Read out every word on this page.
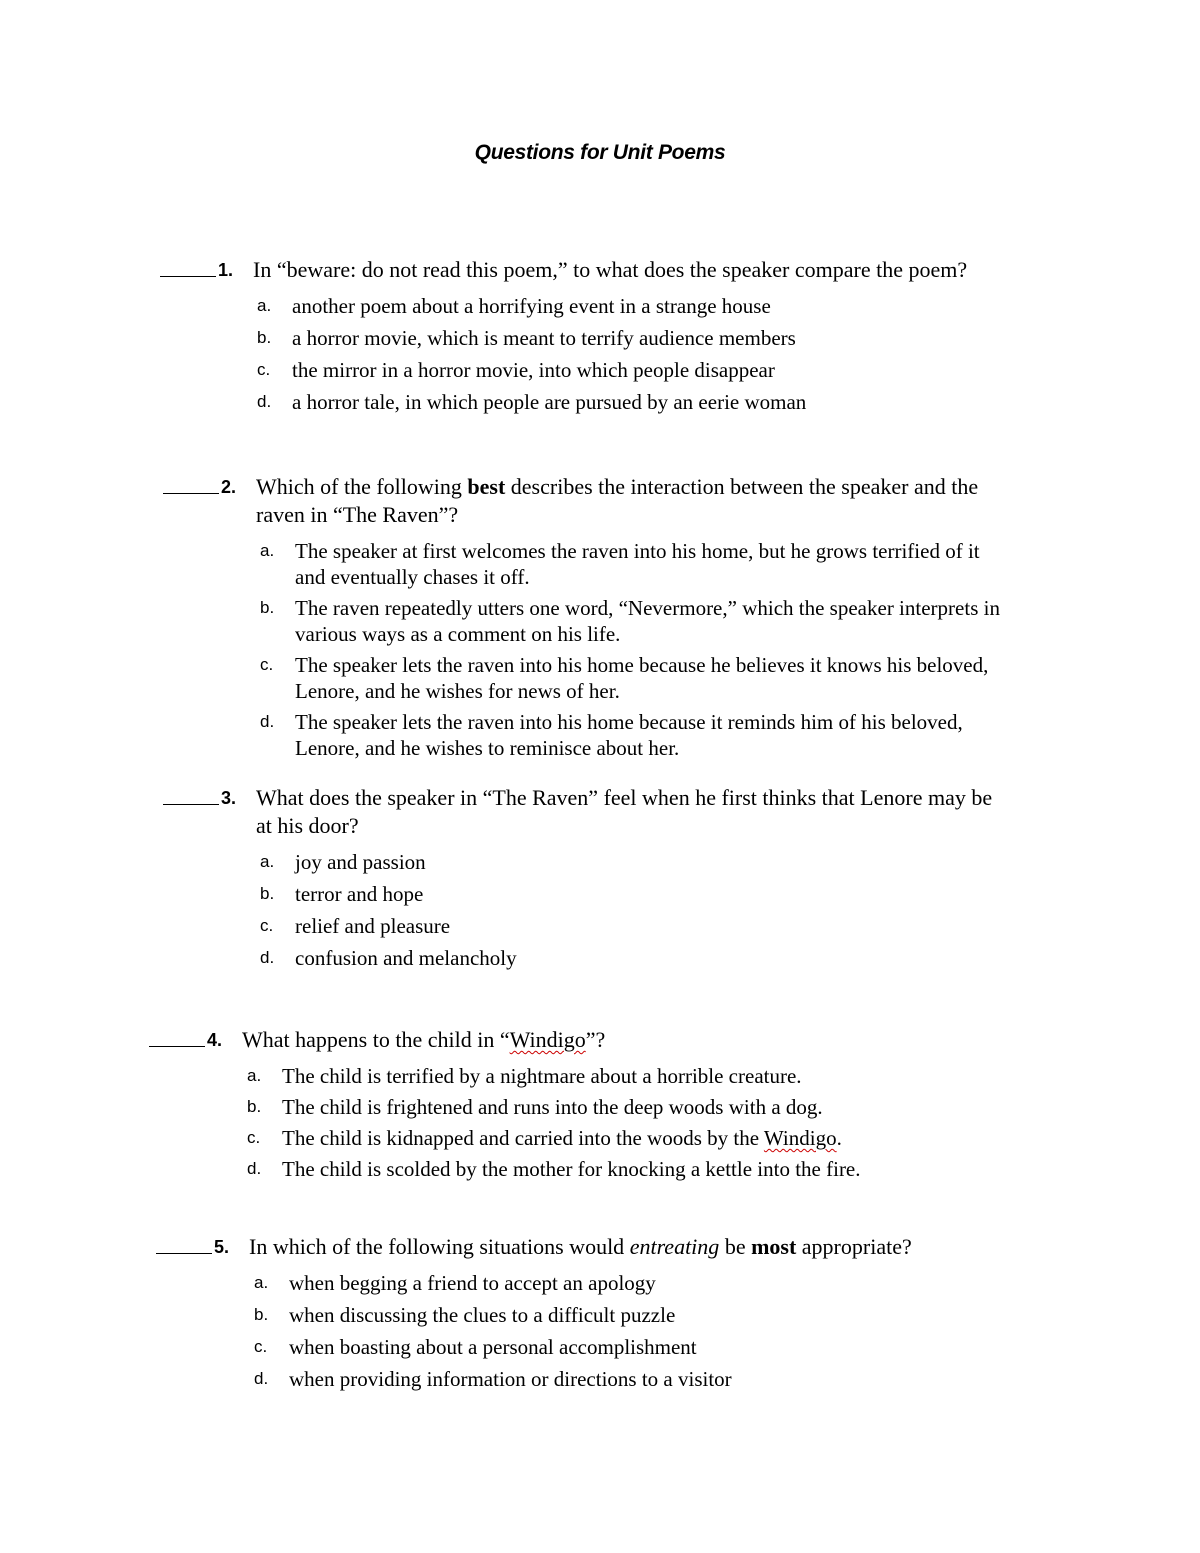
Questions for Unit Poems
1. In “beware: do not read this poem,” to what does the speaker compare the poem?
a. another poem about a horrifying event in a strange house
b. a horror movie, which is meant to terrify audience members
c. the mirror in a horror movie, into which people disappear
d. a horror tale, in which people are pursued by an eerie woman
2. Which of the following best describes the interaction between the speaker and the raven in “The Raven”?
a. The speaker at first welcomes the raven into his home, but he grows terrified of it and eventually chases it off.
b. The raven repeatedly utters one word, “Nevermore,” which the speaker interprets in various ways as a comment on his life.
c. The speaker lets the raven into his home because he believes it knows his beloved, Lenore, and he wishes for news of her.
d. The speaker lets the raven into his home because it reminds him of his beloved, Lenore, and he wishes to reminisce about her.
3. What does the speaker in “The Raven” feel when he first thinks that Lenore may be at his door?
a. joy and passion
b. terror and hope
c. relief and pleasure
d. confusion and melancholy
4. What happens to the child in “Windigo”?
a. The child is terrified by a nightmare about a horrible creature.
b. The child is frightened and runs into the deep woods with a dog.
c. The child is kidnapped and carried into the woods by the Windigo.
d. The child is scolded by the mother for knocking a kettle into the fire.
5. In which of the following situations would entreating be most appropriate?
a. when begging a friend to accept an apology
b. when discussing the clues to a difficult puzzle
c. when boasting about a personal accomplishment
d. when providing information or directions to a visitor
